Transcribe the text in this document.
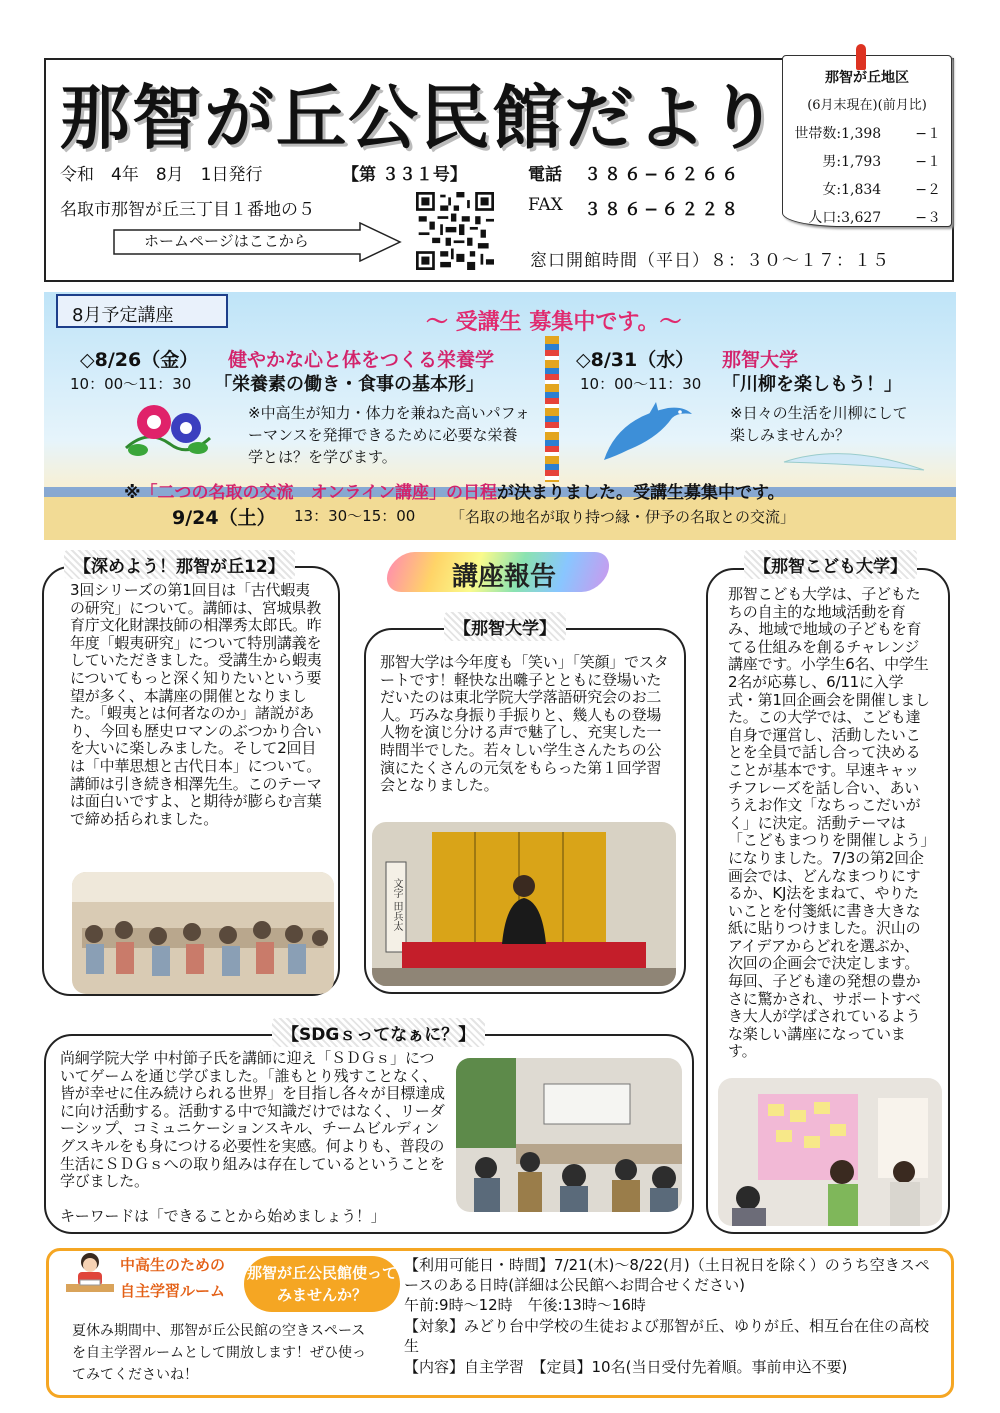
那智が丘公民館だより
令和　4年　8月　1日発行	【第 ３３１号】	電話 ３８６−６２６６
名取市那智が丘三丁目１番地の５	FAX ３８６−６２２８
ホームページはここから
窓口開館時間（平日）８：３０〜１７：１５
那智が丘地区
(6月末現在)(前月比)
世帯数 :1,398	−１
男 :1,793	−１
女 :1,834	−２
人口 :3,627	−３
8月予定講座	〜 受講生 募集中です。〜
◇8/26（金） 健やかな心と体をつくる栄養学
10：00〜11：30 「栄養素の働き・食事の基本形」
※中高生が知力・体力を兼ねた高いパフォーマンスを発揮できるために必要な栄養学とは？を学びます。
◇8/31（水） 那智大学
10：00〜11：30 「川柳を楽しもう！」
※日々の生活を川柳にして楽しみませんか？
※「二つの名取の交流　オンライン講座」の日程が決まりました。受講生募集中です。
9/24（土） 13：30〜15：00 「名取の地名が取り持つ縁・伊予の名取との交流」
【深めよう！那智が丘12】
3回シリーズの第1回目は「古代蝦夷の研究」について。講師は、宮城県教育庁文化財課技師の相澤秀太郎氏。昨年度「蝦夷研究」について特別講義をしていただきました。受講生から蝦夷についてもっと深く知りたいという要望が多く、本講座の開催となりました。「蝦夷とは何者なのか」諸説があり、今回も歴史ロマンのぶつかり合いを大いに楽しみました。そして2回目は「中華思想と古代日本」について。講師は引き続き相澤先生。このテーマは面白いですよ、と期待が膨らむ言葉で締め括られました。
講座報告
【那智大学】
那智大学は今年度も「笑い」「笑顔」でスタートです！軽快な出囃子とともに登場いただいたのは東北学院大学落語研究会のお二人。巧みな身振り手振りと、幾人もの登場人物を演じ分ける声で魅了し、充実した一時間半でした。若々しい学生さんたちの公演にたくさんの元気をもらった第１回学習会となりました。
文字 田兵太
【那智こども大学】
那智こども大学は、子どもたちの自主的な地域活動を育み、地域で地域の子どもを育てる仕組みを創るチャレンジ講座です。小学生6名、中学生2名が応募し、6/11に入学式・第1回企画会を開催しました。この大学では、こども達自身で運営し、活動したいことを全員で話し合って決めることが基本です。早速キャッチフレーズを話し合い、あいうえお作文「なちっこだいがく」に決定。活動テーマは「こどもまつりを開催しよう」になりました。7/3の第2回企画会では、どんなまつりにするか、KJ法をまねて、やりたいことを付箋紙に書き大きな紙に貼りつけました。沢山のアイデアからどれを選ぶか、次回の企画会で決定します。毎回、子ども達の発想の豊かさに驚かされ、サポートすべき大人が学ばされているような楽しい講座になっています。
【SDGｓってなぁに？】
尚絅学院大学 中村節子氏を講師に迎え「ＳＤＧｓ」についてゲームを通じ学びました。「誰もとり残すことなく、皆が幸せに住み続けられる世界」を目指し各々が目標達成に向け活動する。活動する中で知識だけではなく、リーダーシップ、コミュニケーションスキル、チームビルディングスキルをも身につける必要性を実感。何よりも、普段の生活にＳＤＧｓへの取り組みは存在しているということを学びました。
キーワードは「できることから始めましょう！」
中高生のための
自主学習ルーム
那智が丘公民館使ってみませんか？
夏休み期間中、那智が丘公民館の空きスペースを自主学習ルームとして開放します！ぜひ使ってみてくださいね！
【利用可能日・時間】7/21(木)〜8/22(月)（土日祝日を除く）のうち空きスペースのある日時(詳細は公民館へお問合せください)
午前:9時〜12時　午後:13時〜16時
【対象】みどり台中学校の生徒および那智が丘、ゆりが丘、相互台在住の高校生
【内容】自主学習　【定員】10名(当日受付先着順。事前申込不要)
